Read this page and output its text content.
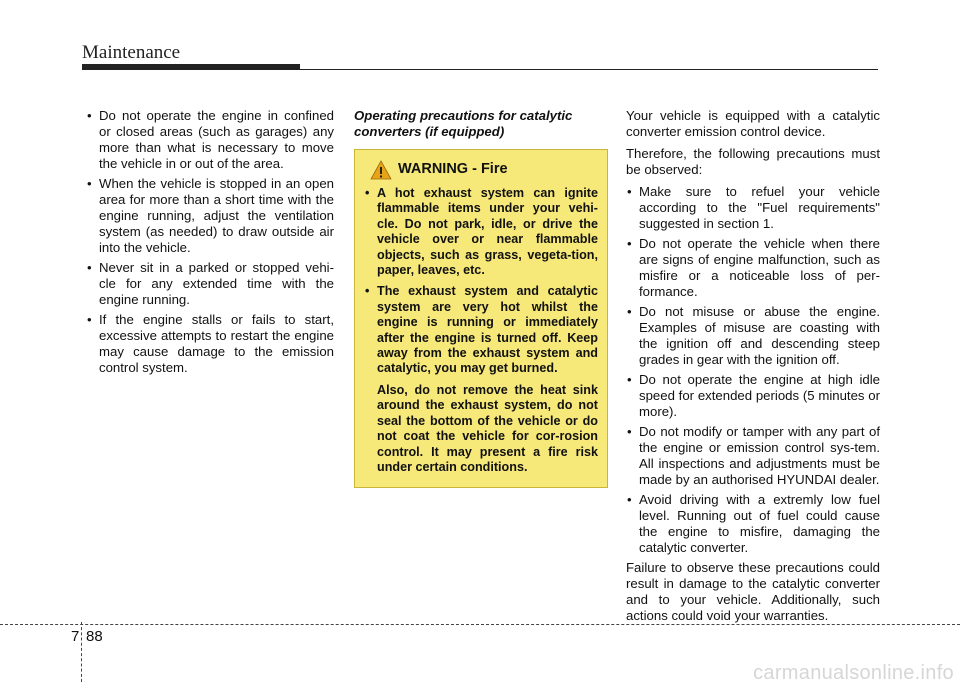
Maintenance
• Do not operate the engine in confined or closed areas (such as garages) any more than what is necessary to move the vehicle in or out of the area.
• When the vehicle is stopped in an open area for more than a short time with the engine running, adjust the ventilation system (as needed) to draw outside air into the vehicle.
• Never sit in a parked or stopped vehi-cle for any extended time with the engine running.
• If the engine stalls or fails to start, excessive attempts to restart the engine may cause damage to the emission control system.

Operating precautions for catalytic converters (if equipped)

WARNING - Fire
• A hot exhaust system can ignite flammable items under your vehi-cle. Do not park, idle, or drive the vehicle over or near flammable objects, such as grass, vegeta-tion, paper, leaves, etc.
• The exhaust system and catalytic system are very hot whilst the engine is running or immediately after the engine is turned off. Keep away from the exhaust system and catalytic, you may get burned.

Also, do not remove the heat sink around the exhaust system, do not seal the bottom of the vehicle or do not coat the vehicle for cor-rosion control. It may present a fire risk under certain conditions.

Your vehicle is equipped with a catalytic converter emission control device.

Therefore, the following precautions must be observed:

• Make sure to refuel your vehicle according to the "Fuel requirements" suggested in section 1.
• Do not operate the vehicle when there are signs of engine malfunction, such as misfire or a noticeable loss of per-formance.
• Do not misuse or abuse the engine. Examples of misuse are coasting with the ignition off and descending steep grades in gear with the ignition off.
• Do not operate the engine at high idle speed for extended periods (5 minutes or more).
• Do not modify or tamper with any part of the engine or emission control sys-tem. All inspections and adjustments must be made by an authorised HYUNDAI dealer.
• Avoid driving with a extremly low fuel level. Running out of fuel could cause the engine to misfire, damaging the catalytic converter.

Failure to observe these precautions could result in damage to the catalytic converter and to your vehicle. Additionally, such actions could void your warranties.

7 88
carmanualsonline.info
